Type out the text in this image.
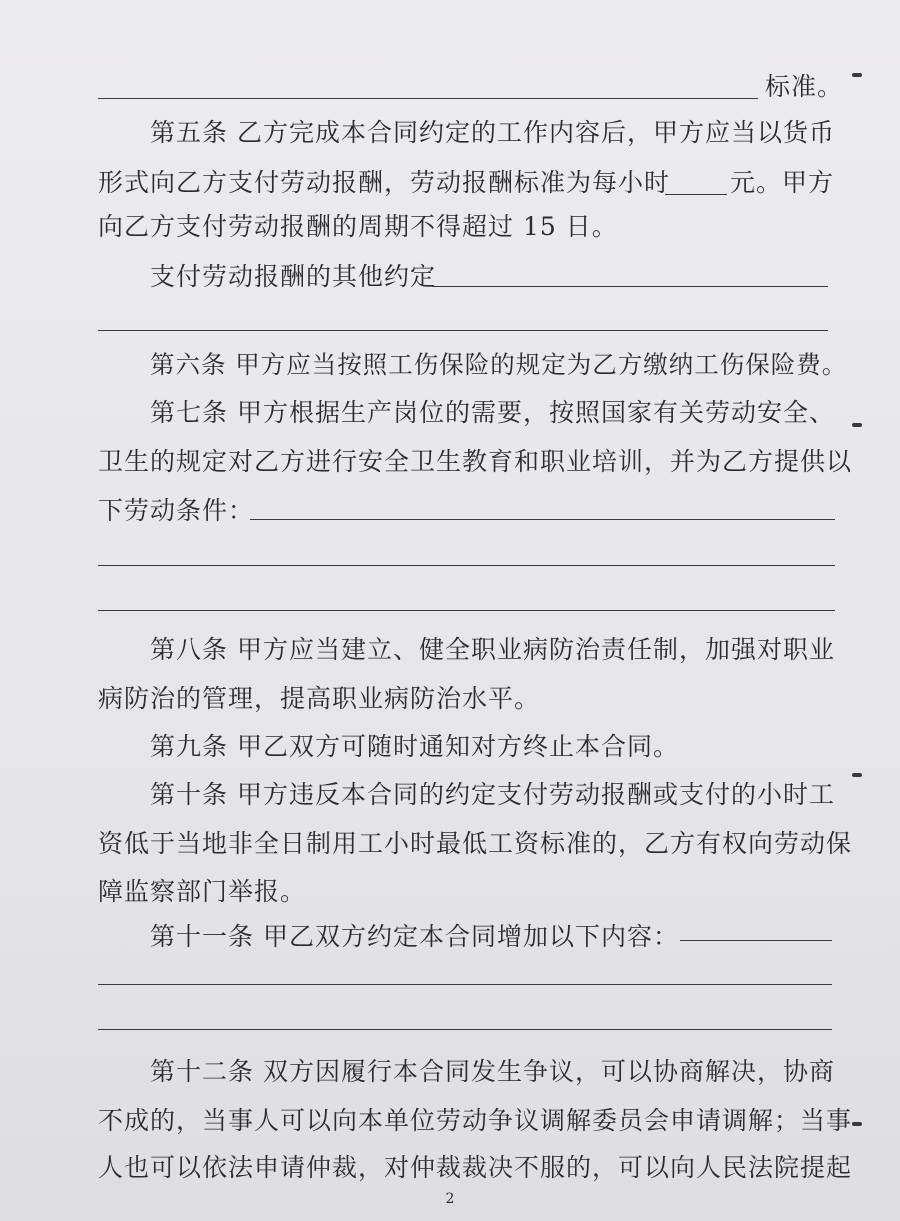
标准。
第五条 乙方完成本合同约定的工作内容后，甲方应当以货币
形式向乙方支付劳动报酬，劳动报酬标准为每小时 元。甲方
向乙方支付劳动报酬的周期不得超过 15 日。
支付劳动报酬的其他约定
第六条 甲方应当按照工伤保险的规定为乙方缴纳工伤保险费。
第七条 甲方根据生产岗位的需要，按照国家有关劳动安全、
卫生的规定对乙方进行安全卫生教育和职业培训，并为乙方提供以
下劳动条件：
第八条 甲方应当建立、健全职业病防治责任制，加强对职业
病防治的管理，提高职业病防治水平。
第九条 甲乙双方可随时通知对方终止本合同。
第十条 甲方违反本合同的约定支付劳动报酬或支付的小时工
资低于当地非全日制用工小时最低工资标准的，乙方有权向劳动保
障监察部门举报。
第十一条 甲乙双方约定本合同增加以下内容：
第十二条 双方因履行本合同发生争议，可以协商解决，协商
不成的，当事人可以向本单位劳动争议调解委员会申请调解；当事
人也可以依法申请仲裁，对仲裁裁决不服的，可以向人民法院提起
2
